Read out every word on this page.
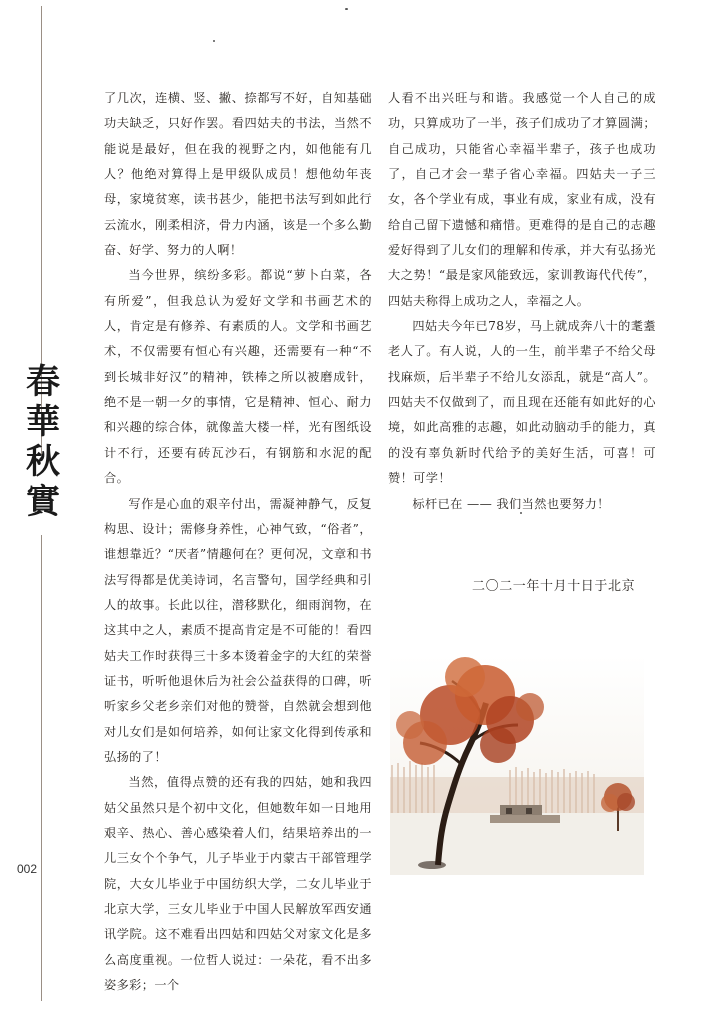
春
華
秋
實
002

了几次，连横、竖、撇、捺都写不好，自知基础功夫缺乏，只好作罢。看四姑夫的书法，当然不能说是最好，但在我的视野之内，如他能有几人？他绝对算得上是甲级队成员！想他幼年丧母，家境贫寒，读书甚少，能把书法写到如此行云流水，刚柔相济，骨力内涵，该是一个多么勤奋、好学、努力的人啊！

当今世界，缤纷多彩。都说“萝卜白菜，各有所爱”，但我总认为爱好文学和书画艺术的人，肯定是有修养、有素质的人。文学和书画艺术，不仅需要有恒心有兴趣，还需要有一种“不到长城非好汉”的精神，铁棒之所以被磨成针，绝不是一朝一夕的事情，它是精神、恒心、耐力和兴趣的综合体，就像盖大楼一样，光有图纸设计不行，还要有砖瓦沙石，有钢筋和水泥的配合。

写作是心血的艰辛付出，需凝神静气，反复构思、设计；需修身养性，心神气致，“俗者”，谁想靠近？“厌者”情趣何在？更何况，文章和书法写得都是优美诗词，名言警句，国学经典和引人的故事。长此以往，潜移默化，细雨润物，在这其中之人，素质不提高肯定是不可能的！看四姑夫工作时获得三十多本烫着金字的大红的荣誉证书，听听他退休后为社会公益获得的口碑，听听家乡父老乡亲们对他的赞誉，自然就会想到他对儿女们是如何培养，如何让家文化得到传承和弘扬的了！

当然，值得点赞的还有我的四姑，她和我四姑父虽然只是个初中文化，但她数年如一日地用艰辛、热心、善心感染着人们，结果培养出的一儿三女个个争气，儿子毕业于内蒙古干部管理学院，大女儿毕业于中国纺织大学，二女儿毕业于北京大学，三女儿毕业于中国人民解放军西安通讯学院。这不难看出四姑和四姑父对家文化是多么高度重视。一位哲人说过：一朵花，看不出多姿多彩；一个

人看不出兴旺与和谐。我感觉一个人自己的成功，只算成功了一半，孩子们成功了才算圆满；自己成功，只能省心幸福半辈子，孩子也成功了，自己才会一辈子省心幸福。四姑夫一子三女，各个学业有成，事业有成，家业有成，没有给自己留下遗憾和痛惜。更难得的是自己的志趣爱好得到了儿女们的理解和传承，并大有弘扬光大之势！“最是家风能致远，家训教诲代代传”，四姑夫称得上成功之人，幸福之人。

四姑夫今年已78岁，马上就成奔八十的耄耋老人了。有人说，人的一生，前半辈子不给父母找麻烦，后半辈子不给儿女添乱，就是“高人”。四姑夫不仅做到了，而且现在还能有如此好的心境，如此高雅的志趣，如此动脑动手的能力，真的没有辜负新时代给予的美好生活，可喜！可赞！可学！

标杆已在 —— 我们当然也要努力！

二〇二一年十月十日于北京
